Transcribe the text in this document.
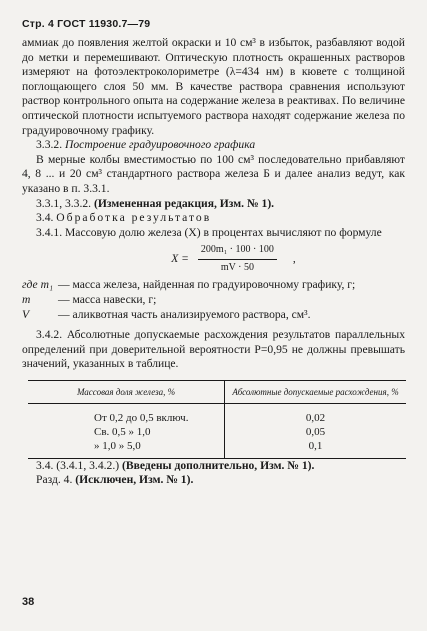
Стр. 4 ГОСТ 11930.7—79

аммиак до появления желтой окраски и 10 см³ в избыток, разбавляют водой до метки и перемешивают. Оптическую плотность окрашенных растворов измеряют на фотоэлектроколориметре (λ=434 нм) в кювете с толщиной поглощающего слоя 50 мм. В качестве раствора сравнения используют раствор контрольного опыта на содержание железа в реактивах. По величине оптической плотности испытуемого раствора находят содержание железа по градуировочному графику.

3.3.2. Построение градуировочного графика

В мерные колбы вместимостью по 100 см³ последовательно прибавляют 4, 8 ... и 20 см³ стандартного раствора железа Б и далее анализ ведут, как указано в п. 3.3.1.

3.3.1, 3.3.2. (Измененная редакция, Изм. № 1).

3.4. Обработка результатов

3.4.1. Массовую долю железа (X) в процентах вычисляют по формуле

$X = \frac{\text{200m₁ · 100 · 100}}{mV \cdot 50}$ ,
где m₁ — масса железа, найденная по градуировочному графику, г;
m	— масса навески, г;
V	— аликвотная часть анализируемого раствора, см³.

3.4.2. Абсолютные допускаемые расхождения результатов параллельных определений при доверительной вероятности P=0,95 не должны превышать значений, указанных в таблице.

Массовая доля железа, %	Абсолютные допускаемые расхождения, %
От 0,2 до 0,5 включ.	0,02
Св. 0,5 » 1,0	0,05
» 1,0 » 5,0	0,1

3.4. (3.4.1, 3.4.2.) (Введены дополнительно, Изм. № 1).

Разд. 4. (Исключен, Изм. № 1).

38
